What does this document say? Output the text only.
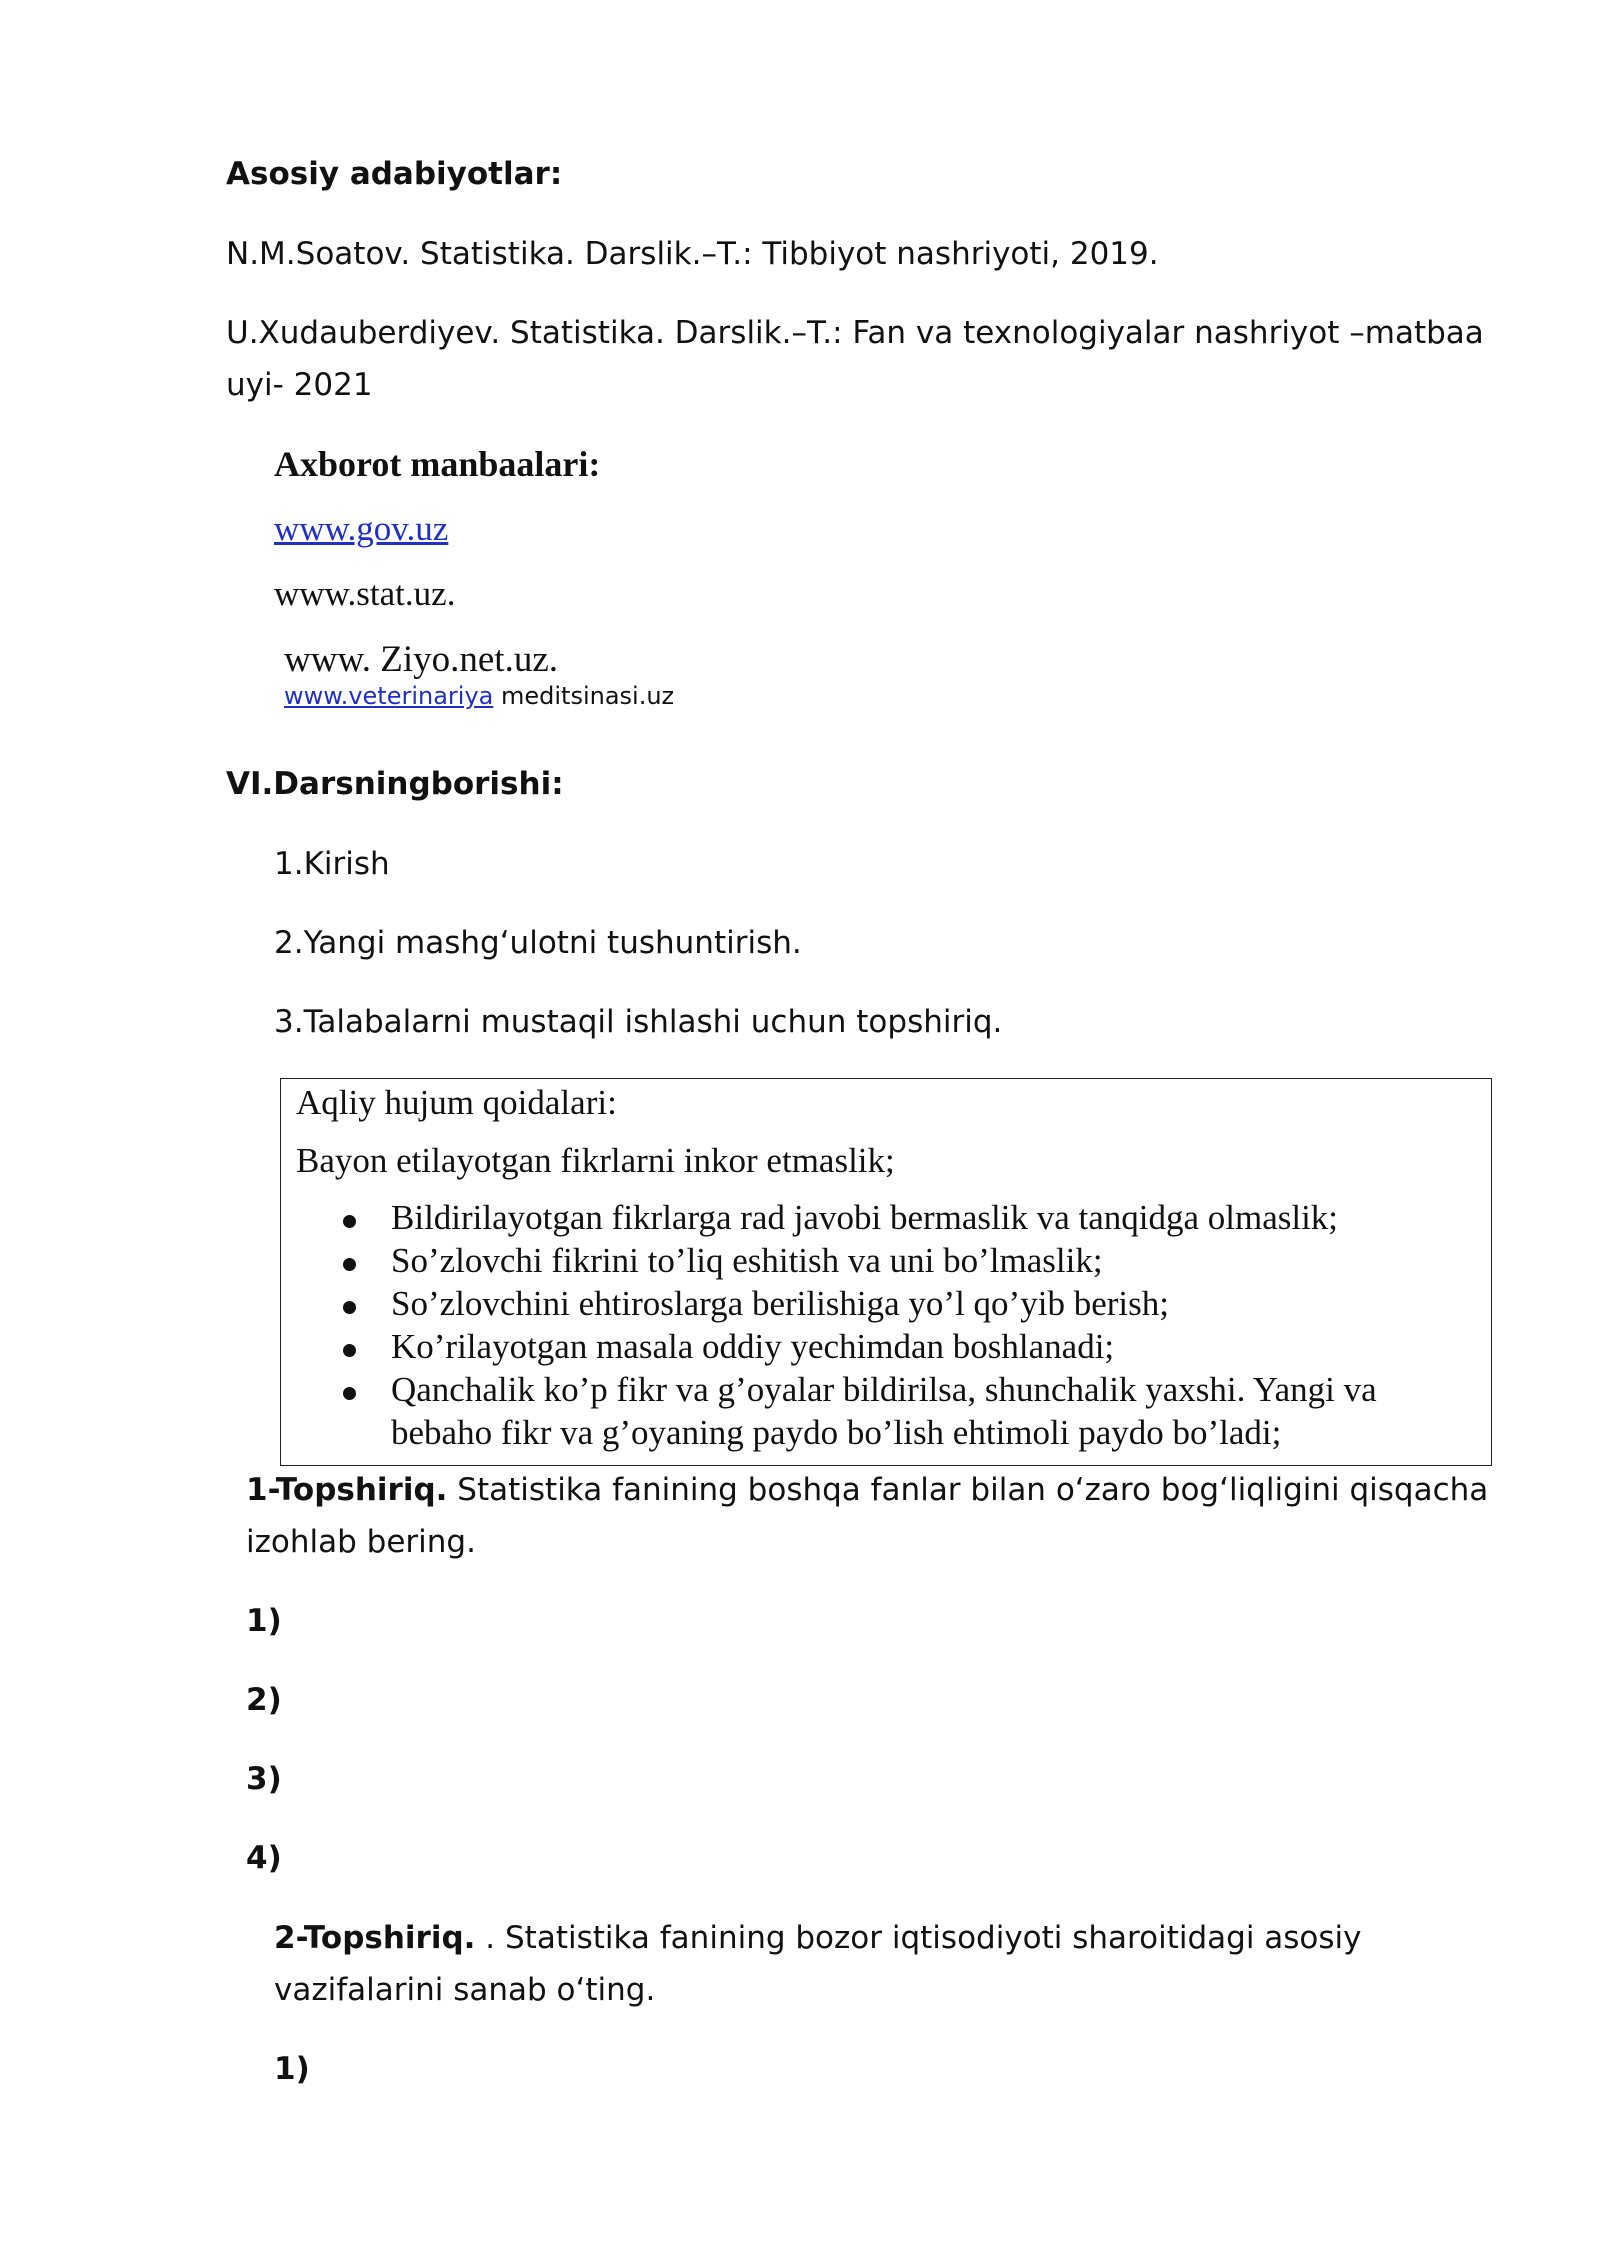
Asosiy adabiyotlar:
N.M.Soatov. Statistika. Darslik.–T.: Tibbiyot nashriyoti, 2019.
U.Xudauberdiyev. Statistika. Darslik.–T.: Fan va texnologiyalar nashriyot –matbaa
uyi- 2021
Axborot manbaalari:
www.gov.uz
www.stat.uz.
www. Ziyo.net.uz.
www.veterinariya meditsinasi.uz
VI.Darsningborishi:
1.Kirish
2.Yangi mashgʻulotni tushuntirish.
3.Talabalarni mustaqil ishlashi uchun topshiriq.
Aqliy hujum qoidalari:
Bayon etilayotgan fikrlarni inkor etmaslik;
Bildirilayotgan fikrlarga rad javobi bermaslik va tanqidga olmaslik;
So’zlovchi fikrini to’liq eshitish va uni bo’lmaslik;
So’zlovchini ehtiroslarga berilishiga yo’l qo’yib berish;
Ko’rilayotgan masala oddiy yechimdan boshlanadi;
Qanchalik ko’p fikr va g’oyalar bildirilsa, shunchalik yaxshi. Yangi va
bebaho fikr va g’oyaning paydo bo’lish ehtimoli paydo bo’ladi;
1-Topshiriq. Statistika fanining boshqa fanlar bilan oʻzaro bogʻliqligini qisqacha
izohlab bering.
1)
2)
3)
4)
2-Topshiriq. . Statistika fanining bozor iqtisodiyoti sharoitidagi asosiy
vazifalarini sanab oʻting.
1)
